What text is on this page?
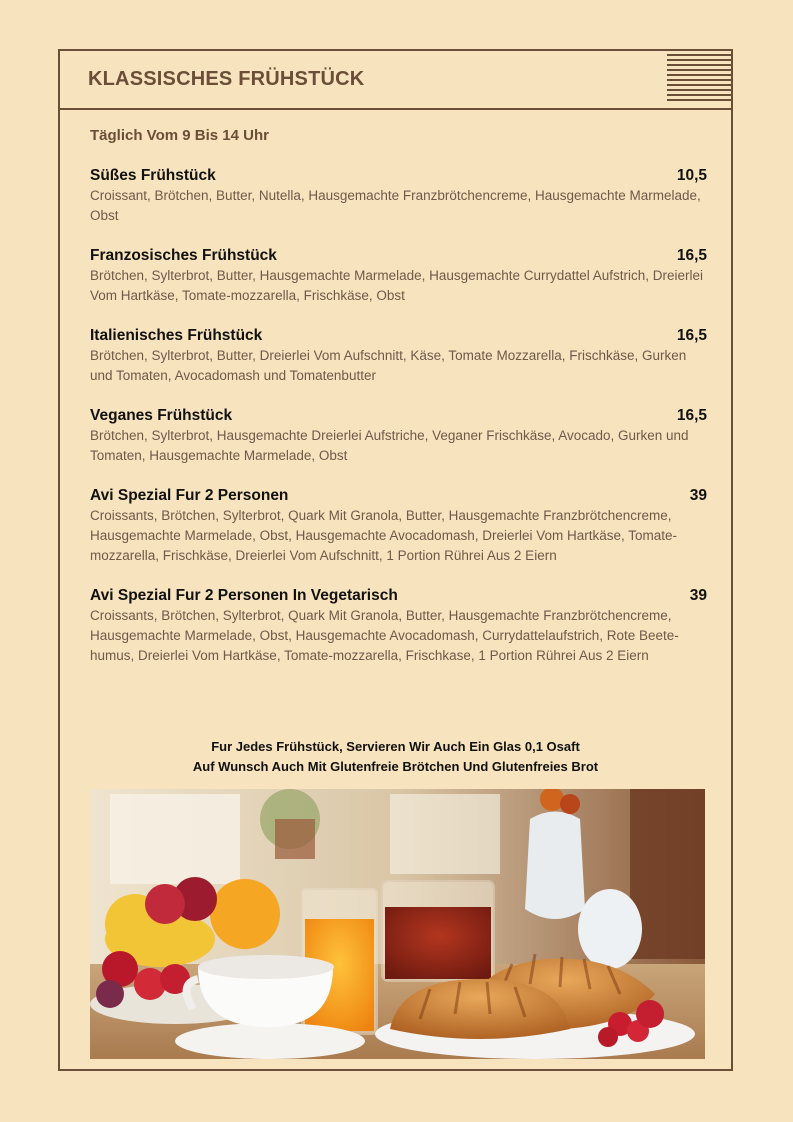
KLASSISCHES FRÜHSTÜCK
Täglich Vom 9 Bis 14 Uhr
Süßes Frühstück	10,5
Croissant, Brötchen, Butter, Nutella, Hausgemachte Franzbrötchencreme, Hausgemachte Marmelade, Obst
Franzosisches Frühstück	16,5
Brötchen, Sylterbrot, Butter, Hausgemachte Marmelade, Hausgemachte Currydattel Aufstrich, Dreierlei Vom Hartkäse, Tomate-mozzarella, Frischkäse, Obst
Italienisches Frühstück	16,5
Brötchen, Sylterbrot, Butter, Dreierlei Vom Aufschnitt, Käse, Tomate Mozzarella, Frischkäse, Gurken und Tomaten, Avocadomash und Tomatenbutter
Veganes Frühstück	16,5
Brötchen, Sylterbrot, Hausgemachte Dreierlei Aufstriche, Veganer Frischkäse, Avocado, Gurken und Tomaten, Hausgemachte Marmelade, Obst
Avi Spezial Fur 2 Personen	39
Croissants, Brötchen, Sylterbrot, Quark Mit Granola, Butter, Hausgemachte Franzbrötchencreme, Hausgemachte Marmelade, Obst, Hausgemachte Avocadomash, Dreierlei Vom Hartkäse, Tomate-mozzarella, Frischkäse, Dreierlei Vom Aufschnitt, 1 Portion Rührei Aus 2 Eiern
Avi Spezial Fur 2 Personen In Vegetarisch	39
Croissants, Brötchen, Sylterbrot, Quark Mit Granola, Butter, Hausgemachte Franzbrötchencreme, Hausgemachte Marmelade, Obst, Hausgemachte Avocadomash, Currydattelaufstrich, Rote Beete-humus, Dreierlei Vom Hartkäse, Tomate-mozzarella, Frischkase, 1 Portion Rührei Aus 2 Eiern
Fur Jedes Frühstück, Servieren Wir Auch Ein Glas 0,1 Osaft
Auf Wunsch Auch Mit Glutenfreie Brötchen Und Glutenfreies Brot
